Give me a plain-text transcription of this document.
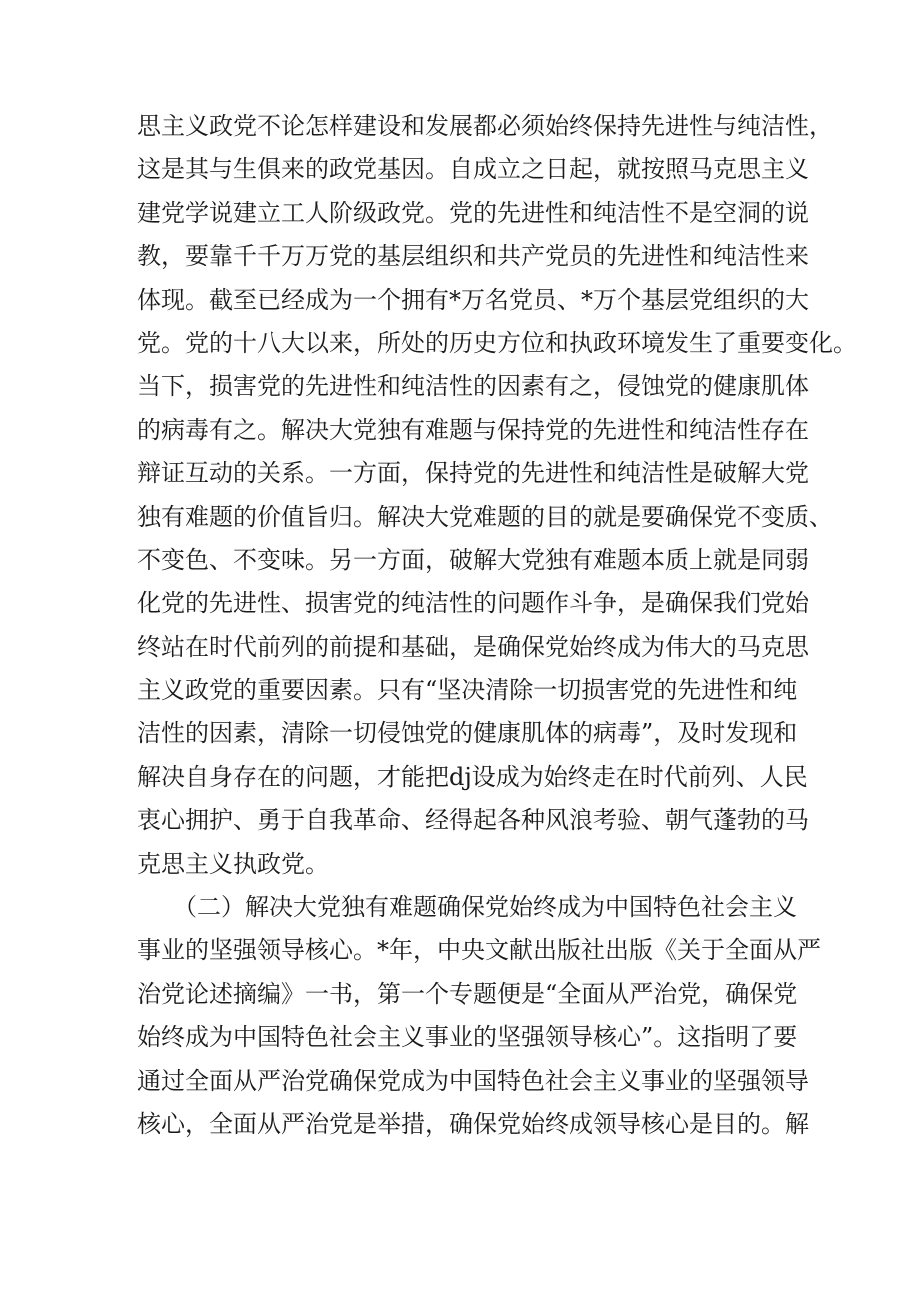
思主义政党不论怎样建设和发展都必须始终保持先进性与纯洁性，
这是其与生俱来的政党基因。自成立之日起，就按照马克思主义
建党学说建立工人阶级政党。党的先进性和纯洁性不是空洞的说
教，要靠千千万万党的基层组织和共产党员的先进性和纯洁性来
体现。截至已经成为一个拥有*万名党员、*万个基层党组织的大
党。党的十八大以来，所处的历史方位和执政环境发生了重要变化。
当下，损害党的先进性和纯洁性的因素有之，侵蚀党的健康肌体
的病毒有之。解决大党独有难题与保持党的先进性和纯洁性存在
辩证互动的关系。一方面，保持党的先进性和纯洁性是破解大党
独有难题的价值旨归。解决大党难题的目的就是要确保党不变质、
不变色、不变味。另一方面，破解大党独有难题本质上就是同弱
化党的先进性、损害党的纯洁性的问题作斗争，是确保我们党始
终站在时代前列的前提和基础，是确保党始终成为伟大的马克思
主义政党的重要因素。只有“坚决清除一切损害党的先进性和纯
洁性的因素，清除一切侵蚀党的健康肌体的病毒”，及时发现和
解决自身存在的问题，才能把dj设成为始终走在时代前列、人民
衷心拥护、勇于自我革命、经得起各种风浪考验、朝气蓬勃的马
克思主义执政党。
（二）解决大党独有难题确保党始终成为中国特色社会主义
事业的坚强领导核心。*年，中央文献出版社出版《关于全面从严
治党论述摘编》一书，第一个专题便是“全面从严治党，确保党
始终成为中国特色社会主义事业的坚强领导核心”。这指明了要
通过全面从严治党确保党成为中国特色社会主义事业的坚强领导
核心，全面从严治党是举措，确保党始终成领导核心是目的。解
